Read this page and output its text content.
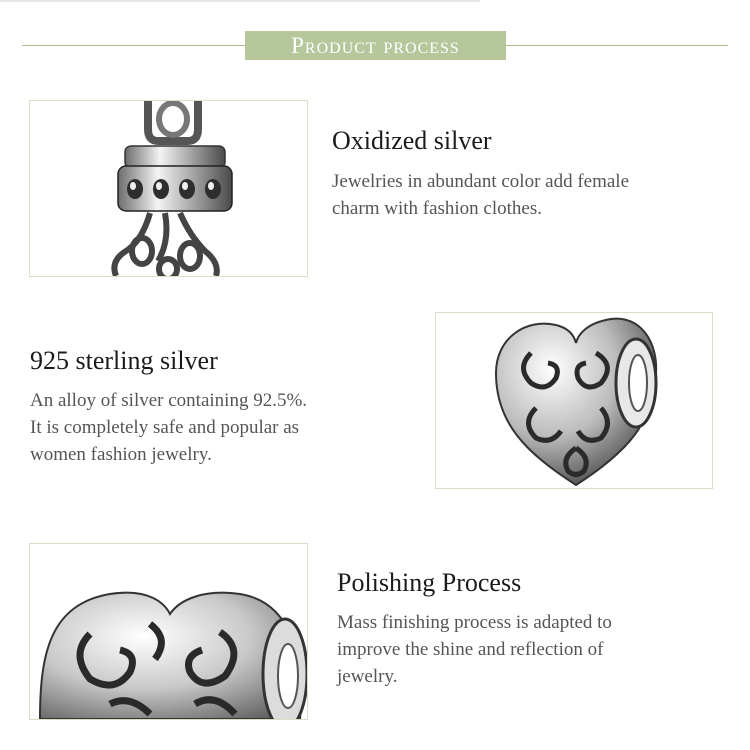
Product process
Oxidized silver
Jewelries in abundant color add female
charm with fashion clothes.
925 sterling silver
An alloy of silver containing 92.5%.
It is completely safe and popular as
women fashion jewelry.
Polishing Process
Mass finishing process is adapted to
improve the shine and reflection of
jewelry.
